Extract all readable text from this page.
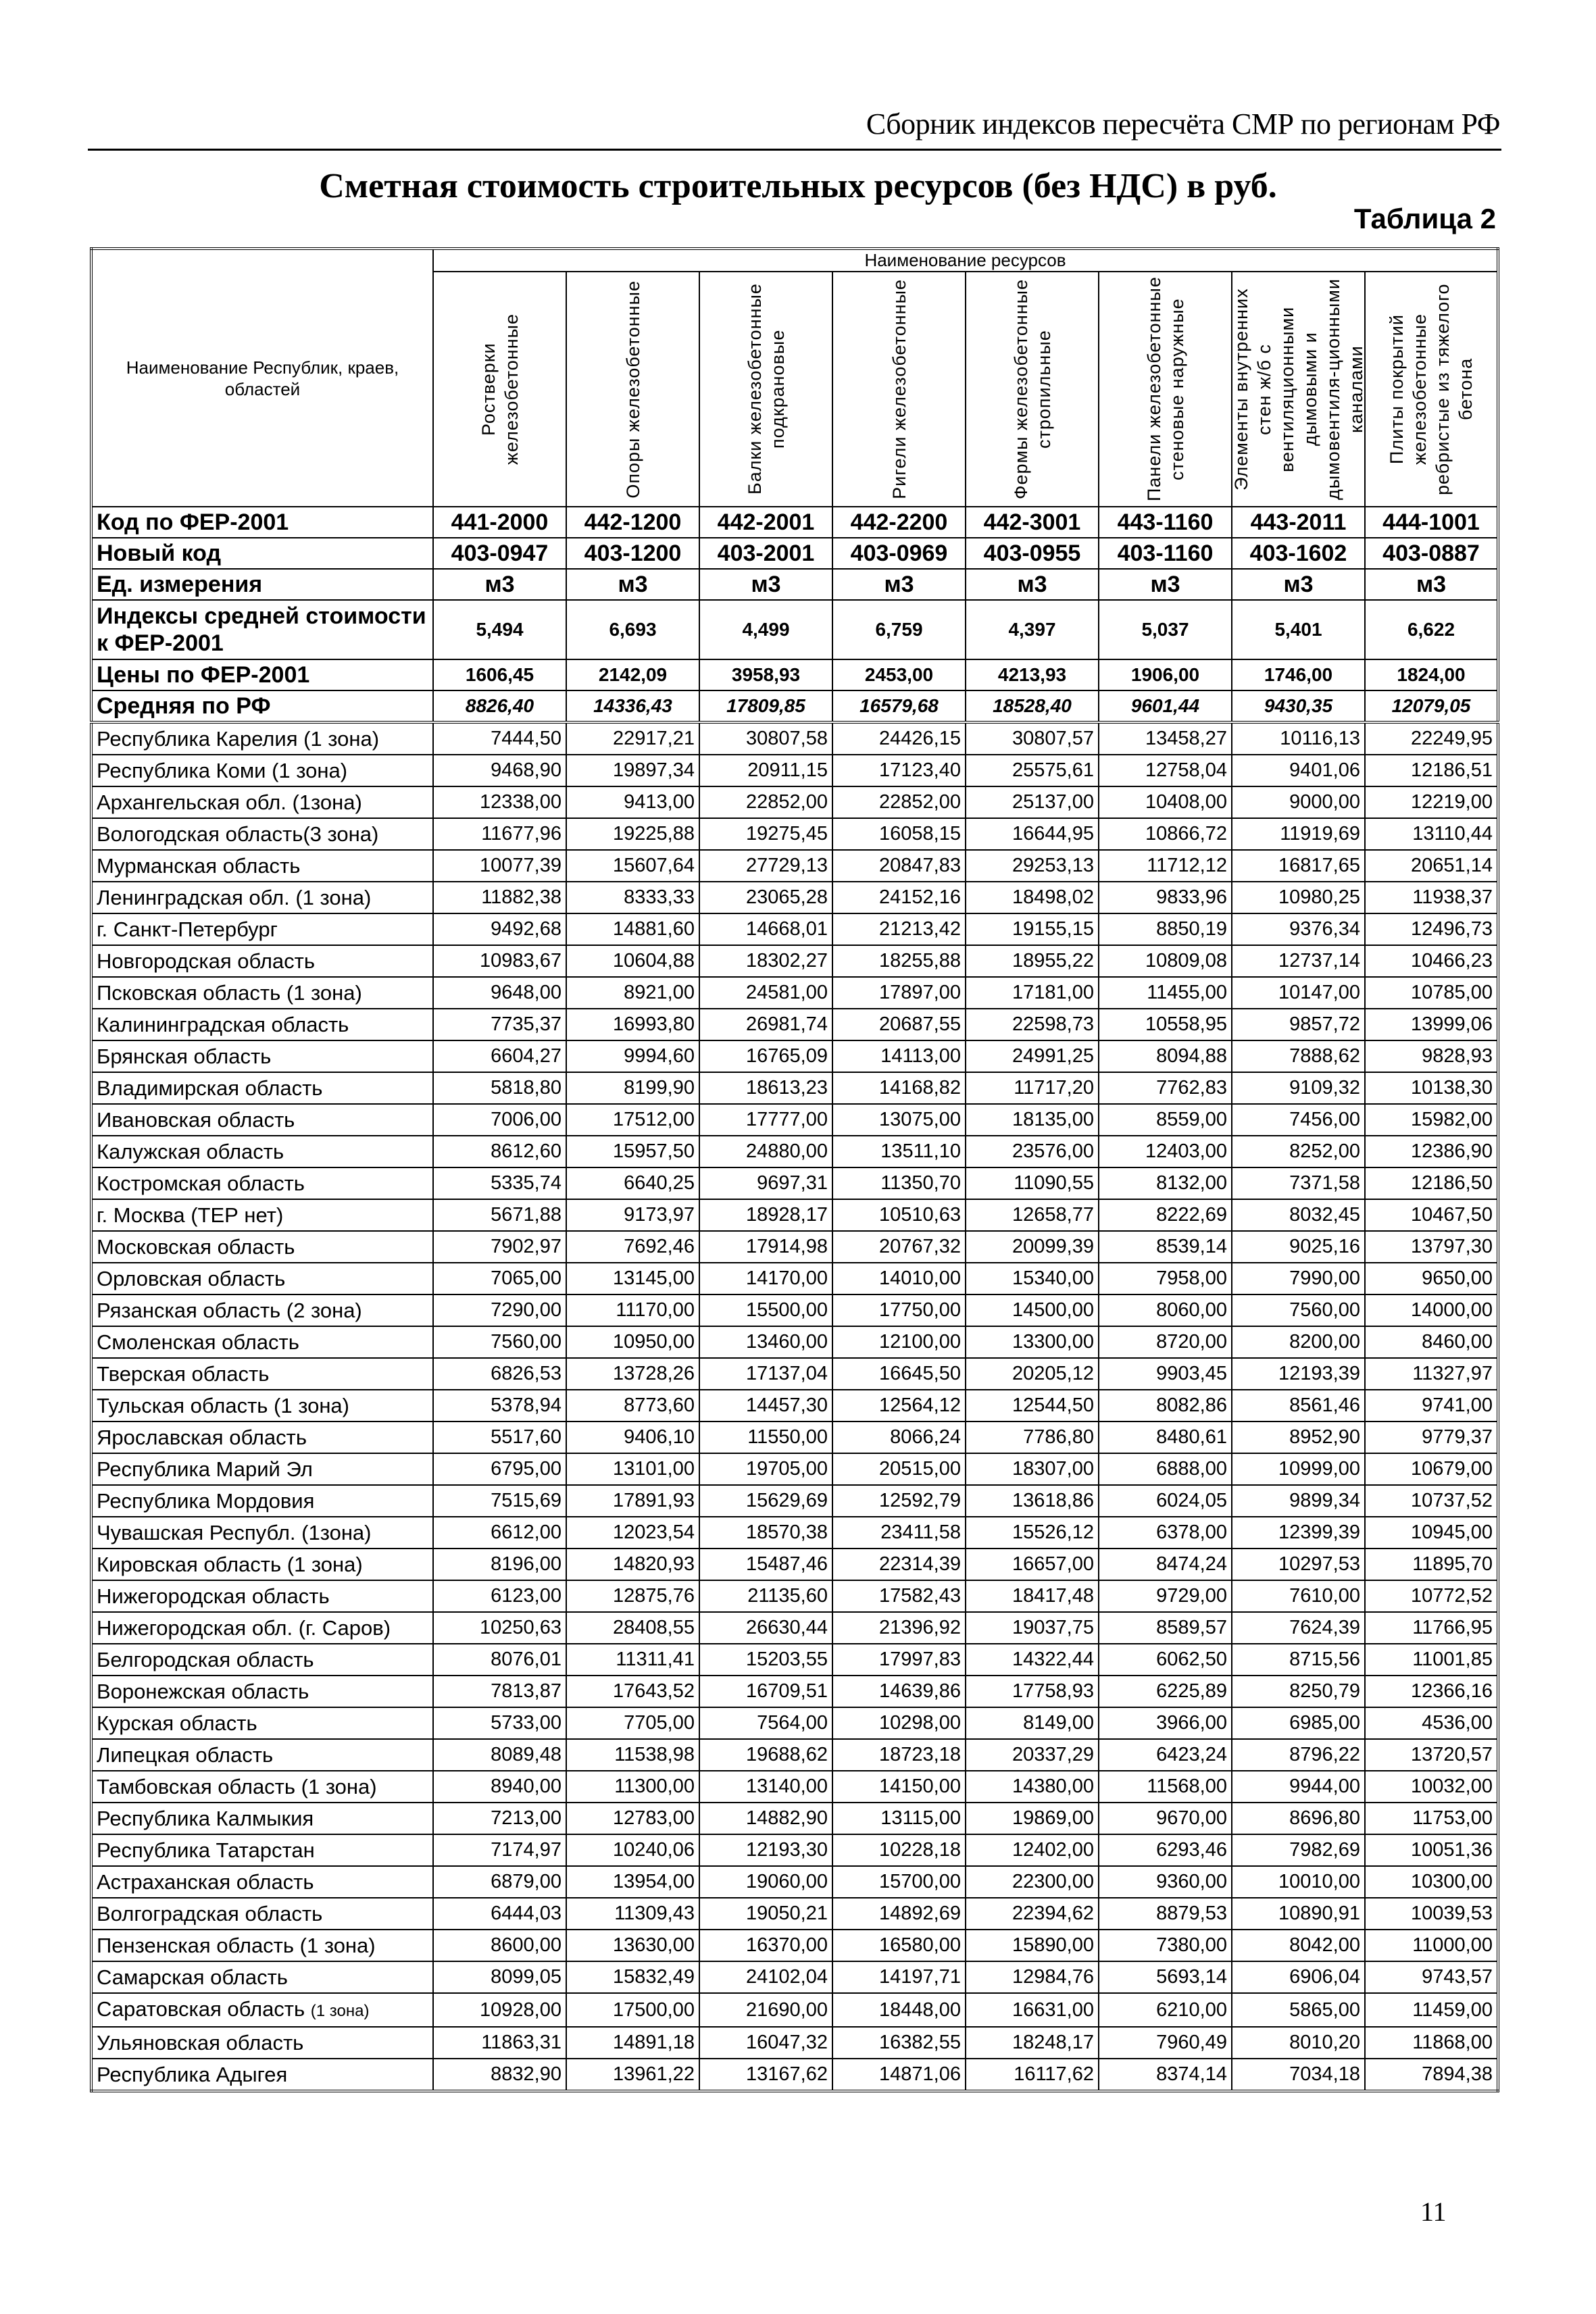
Сборник индексов пересчёта СМР по регионам РФ
Сметная стоимость строительных ресурсов (без НДС) в руб.
Таблица 2
Наименование Республик, краев, областей	Наименование ресурсов							

	Ростверки железобетонные	Опоры железобетонные	Балки железобетонные подкрановые	Ригели железобетонные	Фермы железобетонные стропильные	Панели железобетонные стеновые наружные	Элементы внутренних стен ж/б с вентиляционными дымовыми и дымовентиля-ционными каналами	Плиты покрытий железобетонные ребристые из тяжелого бетона

Код по ФЕР-2001	441-2000	442-1200	442-2001	442-2200	442-3001	443-1160	443-2011	444-1001
Новый код	403-0947	403-1200	403-2001	403-0969	403-0955	403-1160	403-1602	403-0887
Ед. измерения	м3	м3	м3	м3	м3	м3	м3	м3
Индексы средней стоимости к ФЕР-2001	5,494	6,693	4,499	6,759	4,397	5,037	5,401	6,622
Цены по ФЕР-2001	1606,45	2142,09	3958,93	2453,00	4213,93	1906,00	1746,00	1824,00
Средняя по РФ	8826,40	14336,43	17809,85	16579,68	18528,40	9601,44	9430,35	12079,05
Республика Карелия (1 зона)	7444,50	22917,21	30807,58	24426,15	30807,57	13458,27	10116,13	22249,95
Республика Коми (1 зона)	9468,90	19897,34	20911,15	17123,40	25575,61	12758,04	9401,06	12186,51
Архангельская обл. (1зона)	12338,00	9413,00	22852,00	22852,00	25137,00	10408,00	9000,00	12219,00
Вологодская область(3 зона)	11677,96	19225,88	19275,45	16058,15	16644,95	10866,72	11919,69	13110,44
Мурманская область	10077,39	15607,64	27729,13	20847,83	29253,13	11712,12	16817,65	20651,14
Ленинградская обл. (1 зона)	11882,38	8333,33	23065,28	24152,16	18498,02	9833,96	10980,25	11938,37
г. Санкт-Петербург	9492,68	14881,60	14668,01	21213,42	19155,15	8850,19	9376,34	12496,73
Новгородская область	10983,67	10604,88	18302,27	18255,88	18955,22	10809,08	12737,14	10466,23
Псковская область (1 зона)	9648,00	8921,00	24581,00	17897,00	17181,00	11455,00	10147,00	10785,00
Калининградская область	7735,37	16993,80	26981,74	20687,55	22598,73	10558,95	9857,72	13999,06
Брянская область	6604,27	9994,60	16765,09	14113,00	24991,25	8094,88	7888,62	9828,93
Владимирская область	5818,80	8199,90	18613,23	14168,82	11717,20	7762,83	9109,32	10138,30
Ивановская область	7006,00	17512,00	17777,00	13075,00	18135,00	8559,00	7456,00	15982,00
Калужская область	8612,60	15957,50	24880,00	13511,10	23576,00	12403,00	8252,00	12386,90
Костромская область	5335,74	6640,25	9697,31	11350,70	11090,55	8132,00	7371,58	12186,50
г. Москва (ТЕР нет)	5671,88	9173,97	18928,17	10510,63	12658,77	8222,69	8032,45	10467,50
Московская область	7902,97	7692,46	17914,98	20767,32	20099,39	8539,14	9025,16	13797,30
Орловская область	7065,00	13145,00	14170,00	14010,00	15340,00	7958,00	7990,00	9650,00
Рязанская область (2 зона)	7290,00	11170,00	15500,00	17750,00	14500,00	8060,00	7560,00	14000,00
Смоленская область	7560,00	10950,00	13460,00	12100,00	13300,00	8720,00	8200,00	8460,00
Тверская область	6826,53	13728,26	17137,04	16645,50	20205,12	9903,45	12193,39	11327,97
Тульская область (1 зона)	5378,94	8773,60	14457,30	12564,12	12544,50	8082,86	8561,46	9741,00
Ярославская область	5517,60	9406,10	11550,00	8066,24	7786,80	8480,61	8952,90	9779,37
Республика Марий Эл	6795,00	13101,00	19705,00	20515,00	18307,00	6888,00	10999,00	10679,00
Республика Мордовия	7515,69	17891,93	15629,69	12592,79	13618,86	6024,05	9899,34	10737,52
Чувашская Республ. (1зона)	6612,00	12023,54	18570,38	23411,58	15526,12	6378,00	12399,39	10945,00
Кировская область (1 зона)	8196,00	14820,93	15487,46	22314,39	16657,00	8474,24	10297,53	11895,70
Нижегородская область	6123,00	12875,76	21135,60	17582,43	18417,48	9729,00	7610,00	10772,52
Нижегородская обл. (г. Саров)	10250,63	28408,55	26630,44	21396,92	19037,75	8589,57	7624,39	11766,95
Белгородская область	8076,01	11311,41	15203,55	17997,83	14322,44	6062,50	8715,56	11001,85
Воронежская область	7813,87	17643,52	16709,51	14639,86	17758,93	6225,89	8250,79	12366,16
Курская область	5733,00	7705,00	7564,00	10298,00	8149,00	3966,00	6985,00	4536,00
Липецкая область	8089,48	11538,98	19688,62	18723,18	20337,29	6423,24	8796,22	13720,57
Тамбовская область (1 зона)	8940,00	11300,00	13140,00	14150,00	14380,00	11568,00	9944,00	10032,00
Республика Калмыкия	7213,00	12783,00	14882,90	13115,00	19869,00	9670,00	8696,80	11753,00
Республика Татарстан	7174,97	10240,06	12193,30	10228,18	12402,00	6293,46	7982,69	10051,36
Астраханская область	6879,00	13954,00	19060,00	15700,00	22300,00	9360,00	10010,00	10300,00
Волгоградская область	6444,03	11309,43	19050,21	14892,69	22394,62	8879,53	10890,91	10039,53
Пензенская область (1 зона)	8600,00	13630,00	16370,00	16580,00	15890,00	7380,00	8042,00	11000,00
Самарская область	8099,05	15832,49	24102,04	14197,71	12984,76	5693,14	6906,04	9743,57
Саратовская область (1 зона)	10928,00	17500,00	21690,00	18448,00	16631,00	6210,00	5865,00	11459,00
Ульяновская область	11863,31	14891,18	16047,32	16382,55	18248,17	7960,49	8010,20	11868,00
Республика Адыгея	8832,90	13961,22	13167,62	14871,06	16117,62	8374,14	7034,18	7894,38
11
